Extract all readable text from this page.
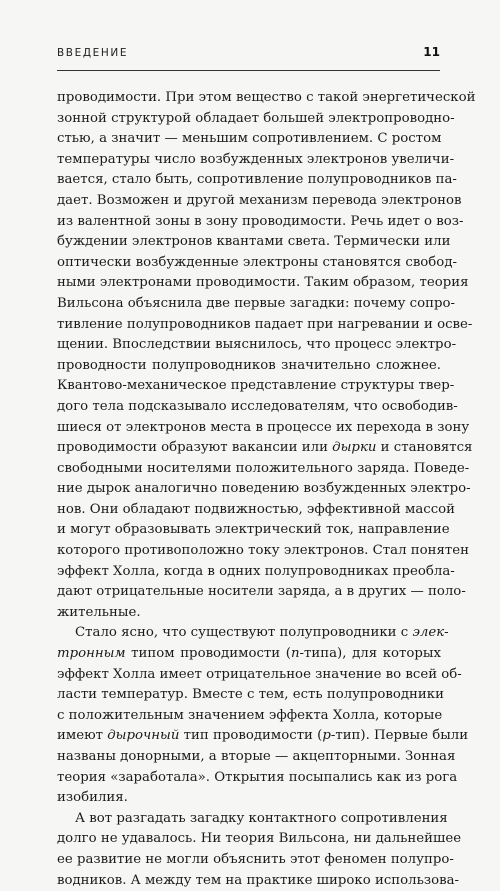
ВВЕДЕНИЕ	11
проводимости. При этом вещество с такой энергетической
зонной структурой обладает большей электропроводно-
стью, а значит — меньшим сопротивлением. С ростом
температуры число возбужденных электронов увеличи-
вается, стало быть, сопротивление полупроводников па-
дает. Возможен и другой механизм перевода электронов
из валентной зоны в зону проводимости. Речь идет о воз-
буждении электронов квантами света. Термически или
оптически возбужденные электроны становятся свобод-
ными электронами проводимости. Таким образом, теория
Вильсона объяснила две первые загадки: почему сопро-
тивление полупроводников падает при нагревании и осве-
щении. Впоследствии выяснилось, что процесс электро-
проводности полупроводников значительно сложнее.
Квантово-механическое представление структуры твер-
дого тела подсказывало исследователям, что освободив-
шиеся от электронов места в процессе их перехода в зону
проводимости образуют вакансии или дырки и становятся
свободными носителями положительного заряда. Поведе-
ние дырок аналогично поведению возбужденных электро-
нов. Они обладают подвижностью, эффективной массой
и могут образовывать электрический ток, направление
которого противоположно току электронов. Стал понятен
эффект Холла, когда в одних полупроводниках преобла-
дают отрицательные носители заряда, а в других — поло-
жительные.
Стало ясно, что существуют полупроводники с элек-
тронным типом проводимости (n-типа), для которых
эффект Холла имеет отрицательное значение во всей об-
ласти температур. Вместе с тем, есть полупроводники
с положительным значением эффекта Холла, которые
имеют дырочный тип проводимости (p-тип). Первые были
названы донорными, а вторые — акцепторными. Зонная
теория «заработала». Открытия посыпались как из рога
изобилия.
А вот разгадать загадку контактного сопротивления
долго не удавалось. Ни теория Вильсона, ни дальнейшее
ее развитие не могли объяснить этот феномен полупро-
водников. А между тем на практике широко использова-
